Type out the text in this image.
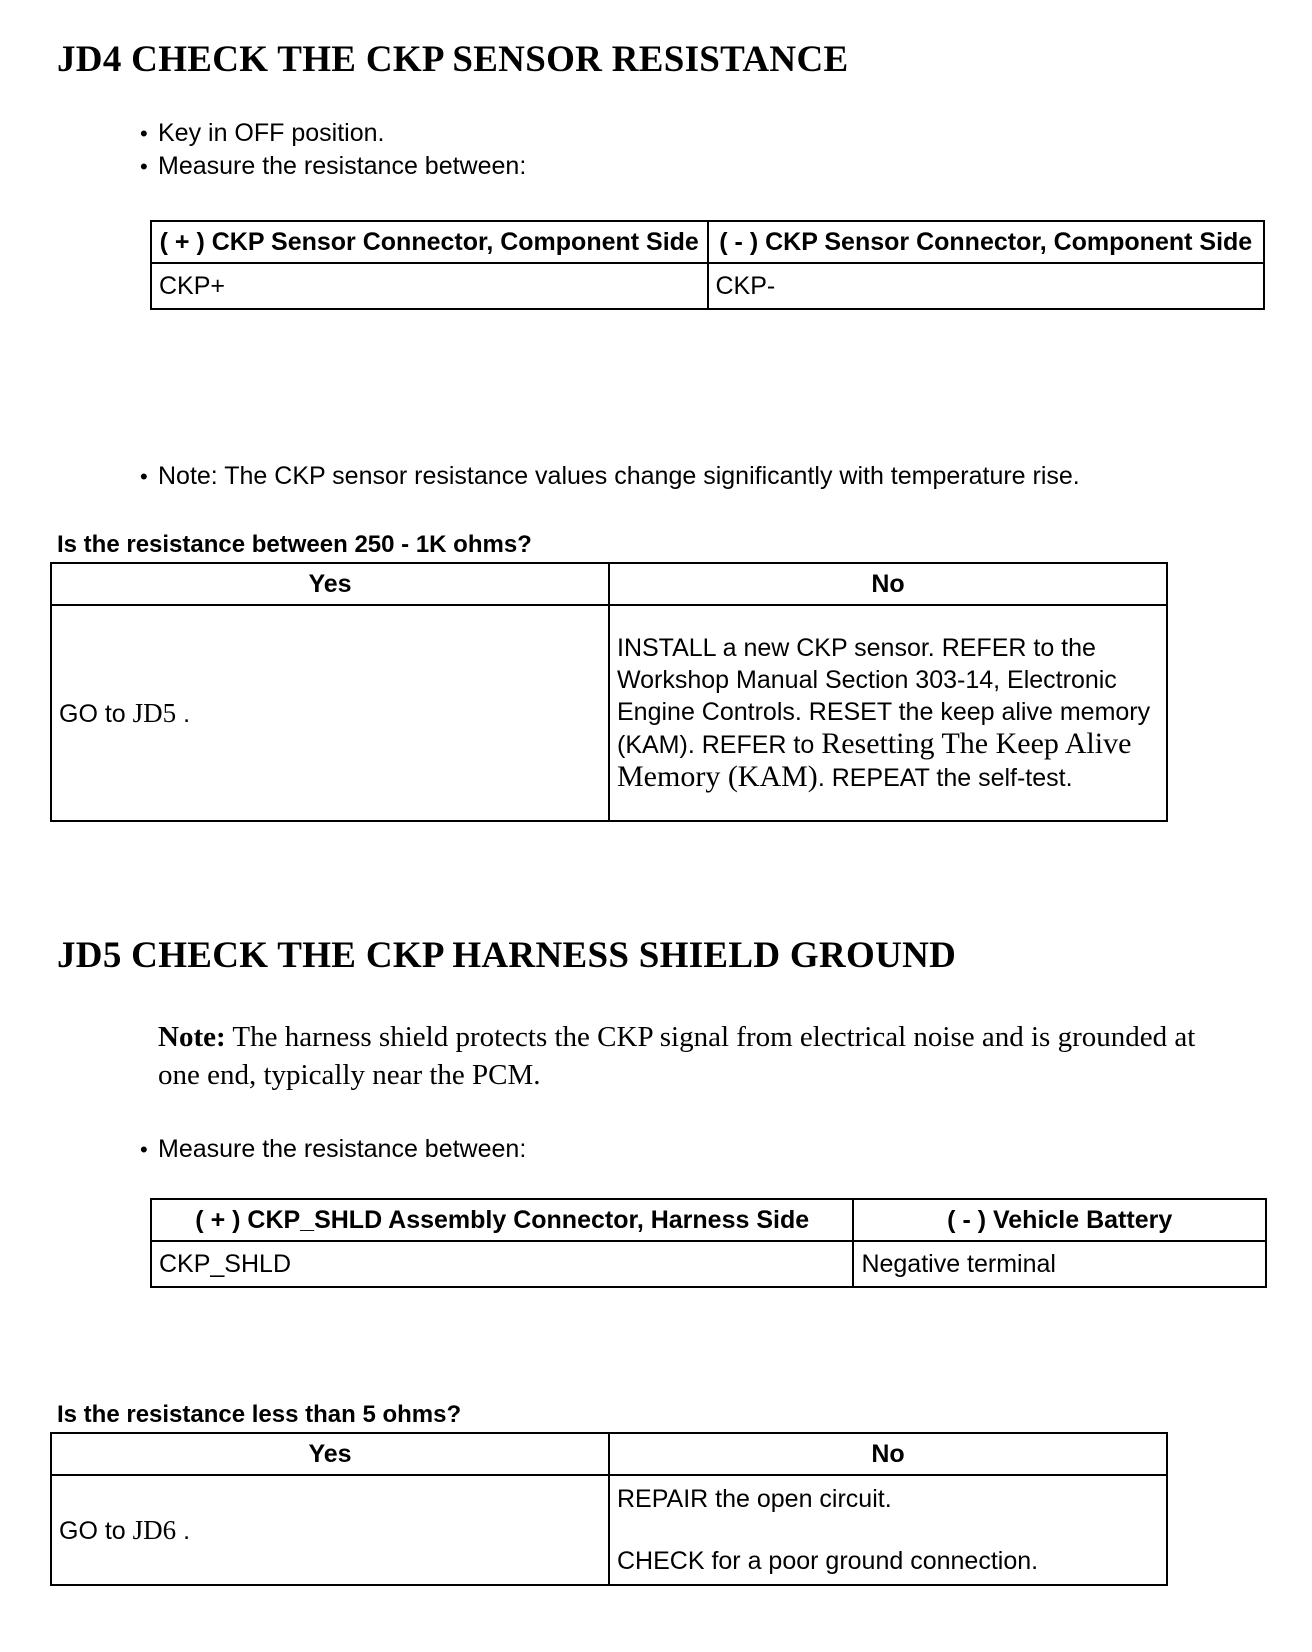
JD4 CHECK THE CKP SENSOR RESISTANCE
• Key in OFF position.
• Measure the resistance between:
( + ) CKP Sensor Connector, Component Side	( - ) CKP Sensor Connector, Component Side
CKP+	CKP-
• Note: The CKP sensor resistance values change significantly with temperature rise.

Is the resistance between 250 - 1K ohms?

Yes	No
GO to JD5 .	INSTALL a new CKP sensor. REFER to the Workshop Manual Section 303-14, Electronic Engine Controls. RESET the keep alive memory (KAM). REFER to Resetting The Keep Alive Memory (KAM). REPEAT the self-test.
JD5 CHECK THE CKP HARNESS SHIELD GROUND

Note: The harness shield protects the CKP signal from electrical noise and is grounded at one end, typically near the PCM.

• Measure the resistance between:
( + ) CKP_SHLD Assembly Connector, Harness Side	( - ) Vehicle Battery
CKP_SHLD	Negative terminal

Is the resistance less than 5 ohms?

Yes	No
GO to JD6 .	REPAIR the open circuit.
CHECK for a poor ground connection.
